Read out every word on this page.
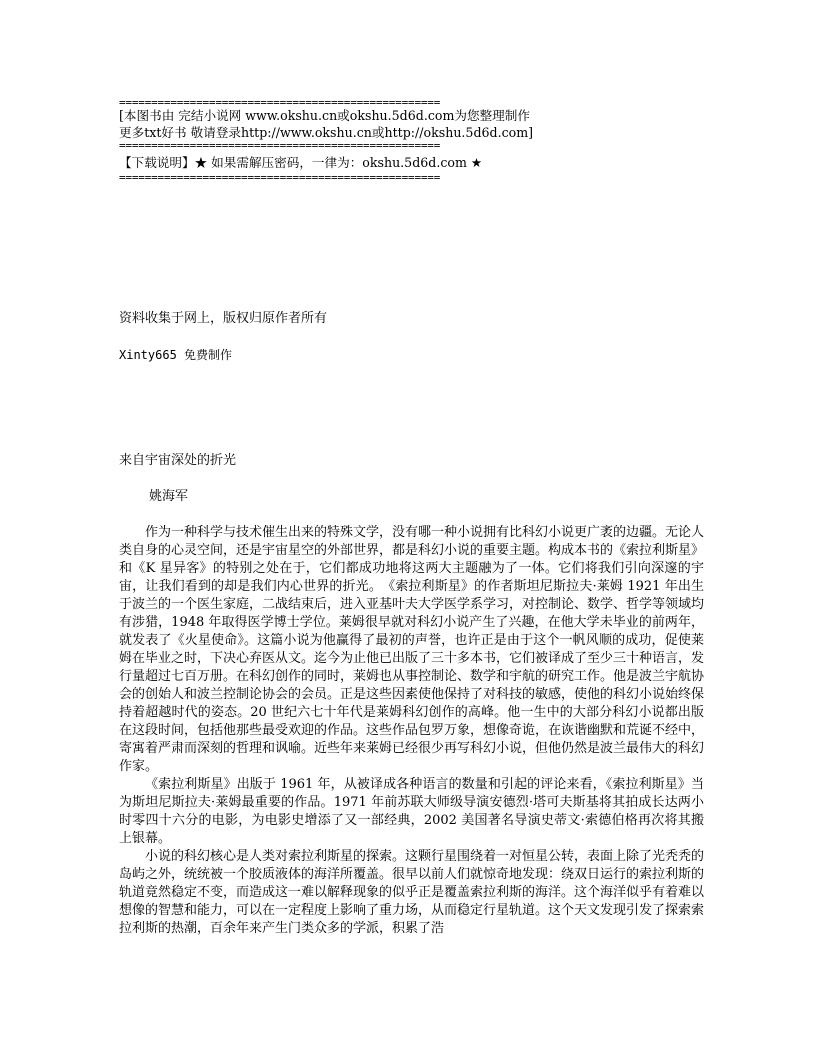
==================================================
[本图书由 完结小说网 www.okshu.cn或okshu.5d6d.com为您整理制作
更多txt好书 敬请登录http://www.okshu.cn或http://okshu.5d6d.com]
==================================================
【下载说明】★ 如果需解压密码，一律为：okshu.5d6d.com ★
==================================================
资料收集于网上，版权归原作者所有
Xinty665 免费制作
来自宇宙深处的折光
姚海军

作为一种科学与技术催生出来的特殊文学，没有哪一种小说拥有比科幻小说更广袤的边疆。无论人类自身的心灵空间，还是宇宙星空的外部世界，都是科幻小说的重要主题。构成本书的《索拉利斯星》和《K 星异客》的特别之处在于，它们都成功地将这两大主题融为了一体。它们将我们引向深邃的宇宙，让我们看到的却是我们内心世界的折光。　《索拉利斯星》的作者斯坦尼斯拉夫·莱姆 1921 年出生于波兰的一个医生家庭，二战结束后，进入亚基叶夫大学医学系学习，对控制论、数学、哲学等领域均有涉猎，1948 年取得医学博士学位。莱姆很早就对科幻小说产生了兴趣，在他大学未毕业的前两年，就发表了《火星使命》。这篇小说为他赢得了最初的声誉，也许正是由于这个一帆风顺的成功，促使莱姆在毕业之时，下决心弃医从文。迄今为止他已出版了三十多本书，它们被译成了至少三十种语言，发行量超过七百万册。在科幻创作的同时，莱姆也从事控制论、数学和宇航的研究工作。他是波兰宇航协会的创始人和波兰控制论协会的会员。正是这些因素使他保持了对科技的敏感，使他的科幻小说始终保持着超越时代的姿态。20 世纪六七十年代是莱姆科幻创作的高峰。他一生中的大部分科幻小说都出版在这段时间，包括他那些最受欢迎的作品。这些作品包罗万象，想像奇诡，在诙谐幽默和荒诞不经中，寄寓着严肃而深刻的哲理和讽喻。近些年来莱姆已经很少再写科幻小说，但他仍然是波兰最伟大的科幻作家。

《索拉利斯星》出版于 1961 年，从被译成各种语言的数量和引起的评论来看，《索拉利斯星》当为斯坦尼斯拉夫·莱姆最重要的作品。1971 年前苏联大师级导演安德烈·塔可夫斯基将其拍成长达两小时零四十六分的电影，为电影史增添了又一部经典，2002 美国著名导演史蒂文·索德伯格再次将其搬上银幕。

小说的科幻核心是人类对索拉利斯星的探索。这颗行星围绕着一对恒星公转，表面上除了光秃秃的岛屿之外，统统被一个胶质液体的海洋所覆盖。很早以前人们就惊奇地发现：绕双日运行的索拉利斯的轨道竟然稳定不变，而造成这一难以解释现象的似乎正是覆盖索拉利斯的海洋。这个海洋似乎有着难以想像的智慧和能力，可以在一定程度上影响了重力场，从而稳定行星轨道。这个天文发现引发了探索索拉利斯的热潮，百余年来产生门类众多的学派，积累了浩
